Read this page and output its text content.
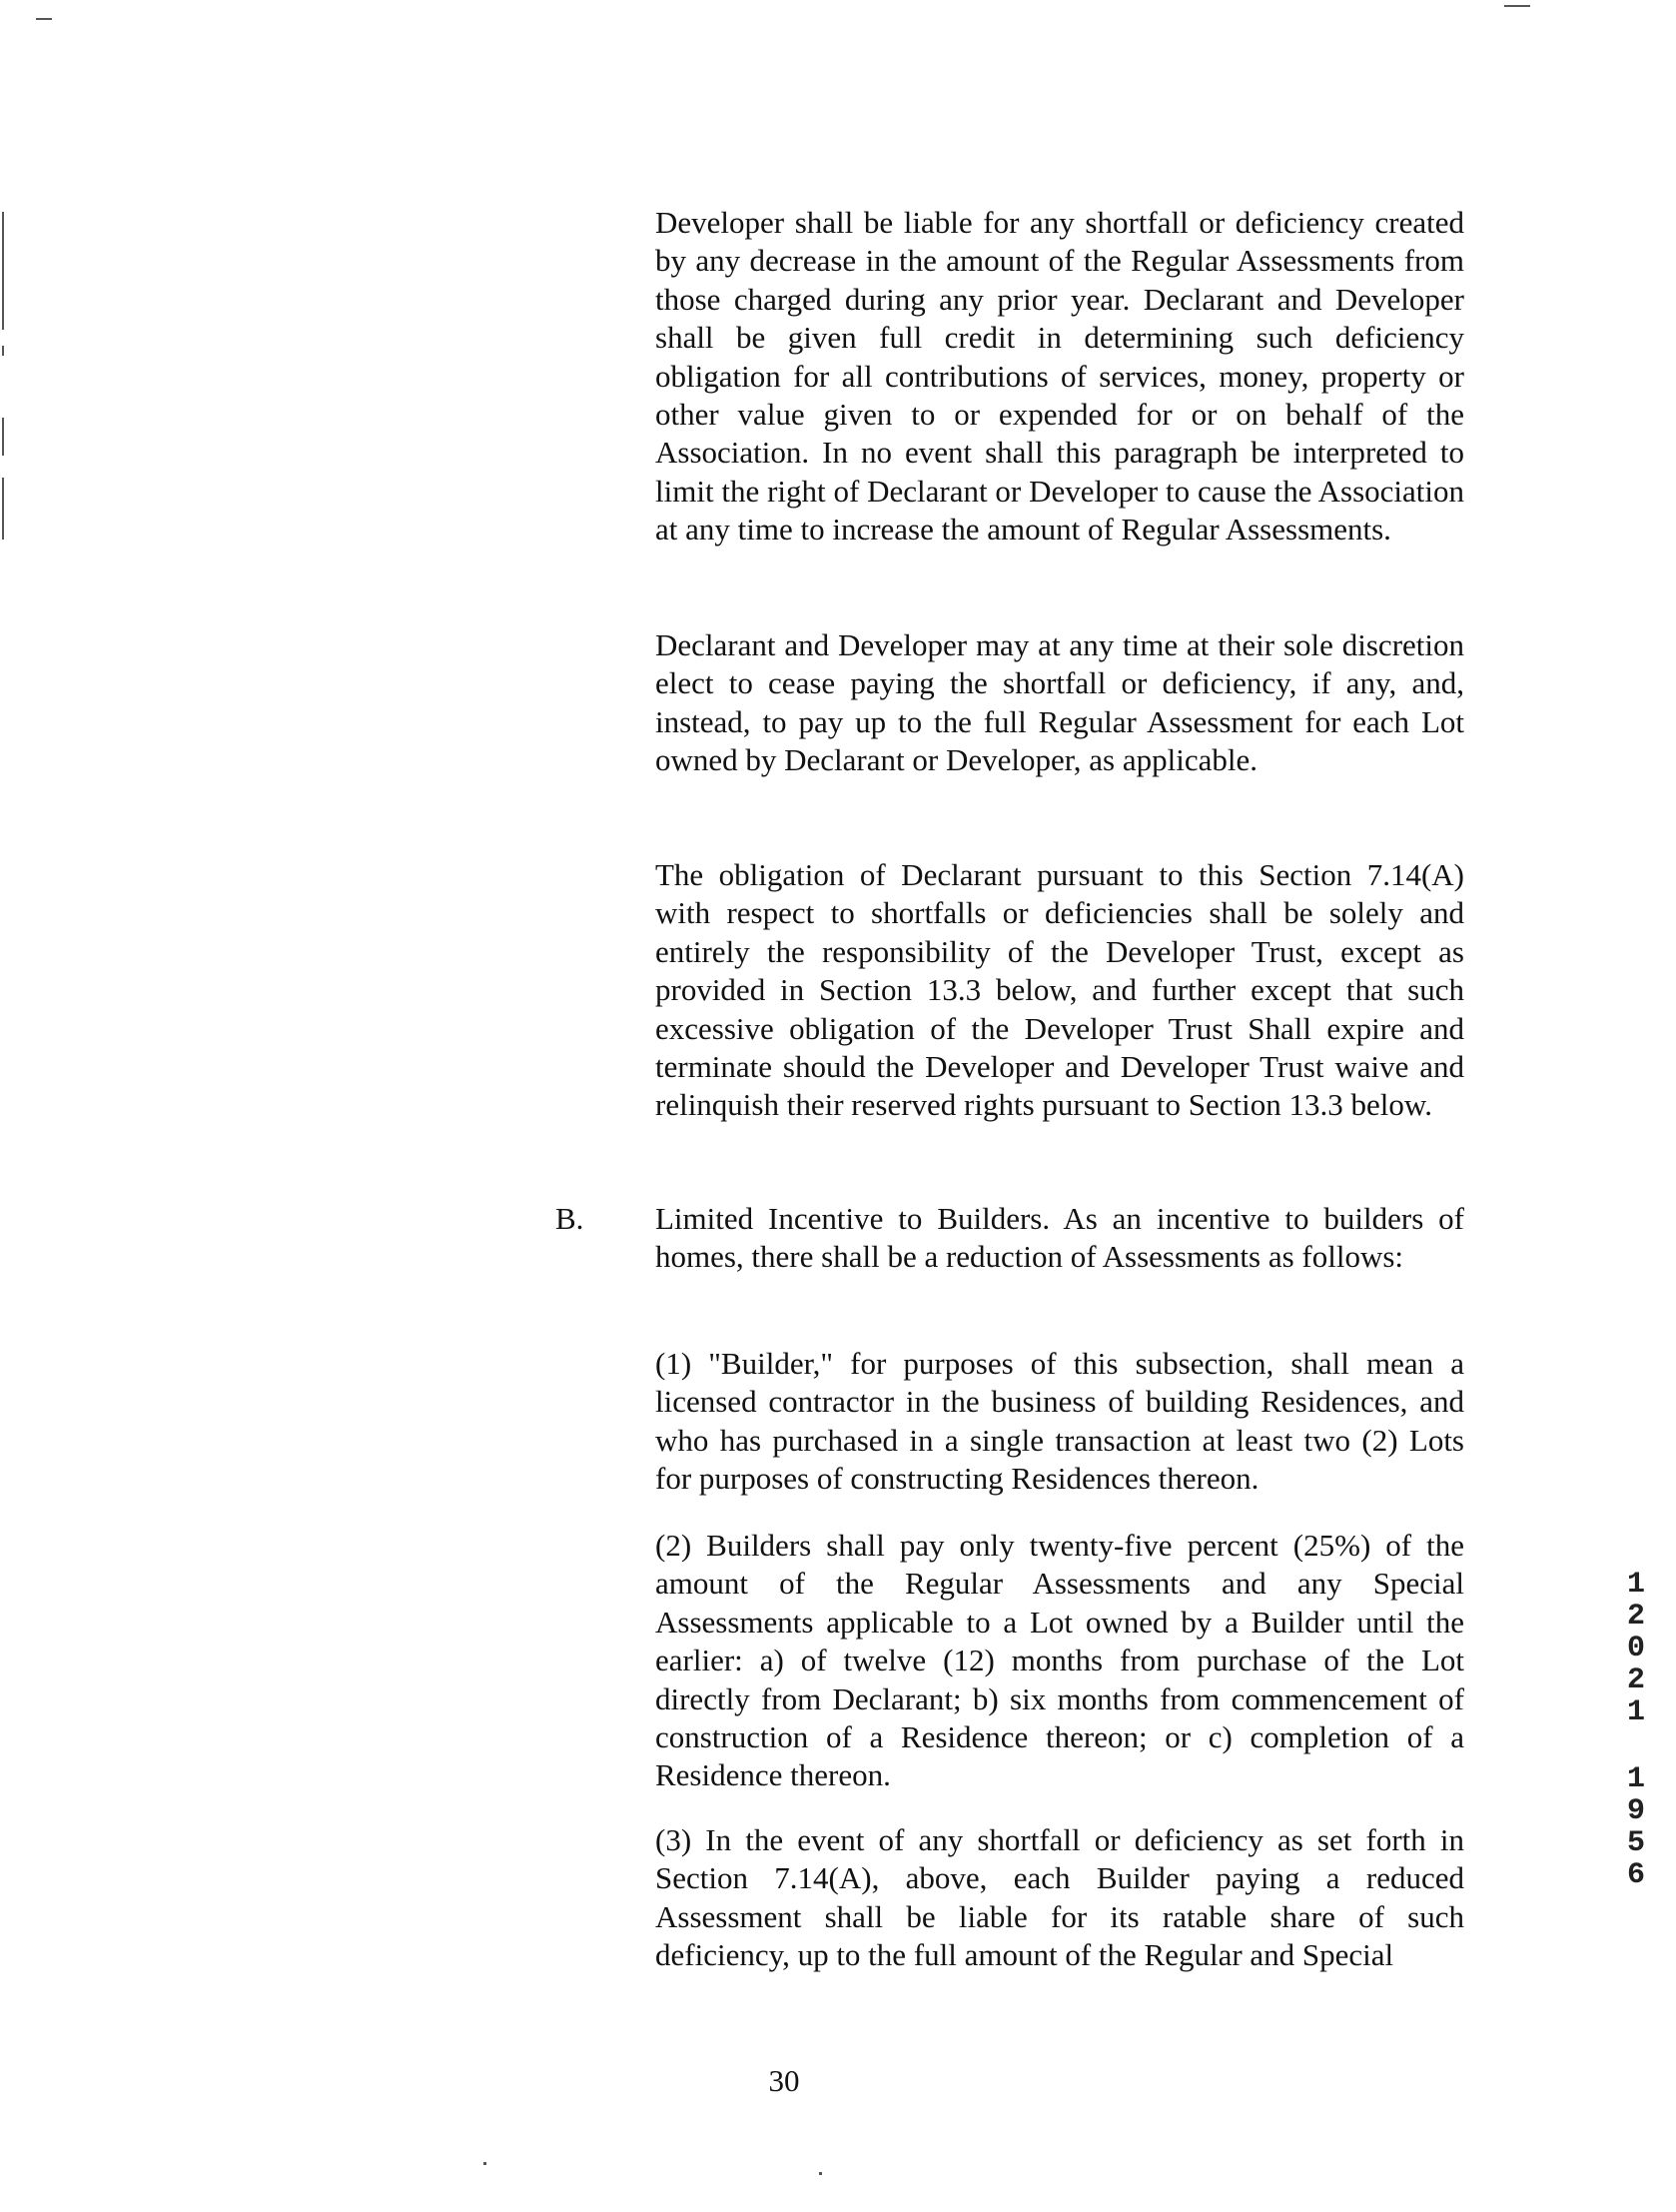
Developer shall be liable for any shortfall or deficiency created by any decrease in the amount of the Regular Assessments from those charged during any prior year. Declarant and Developer shall be given full credit in determining such deficiency obligation for all contributions of services, money, property or other value given to or expended for or on behalf of the Association. In no event shall this paragraph be interpreted to limit the right of Declarant or Developer to cause the Association at any time to increase the amount of Regular Assessments.

Declarant and Developer may at any time at their sole discretion elect to cease paying the shortfall or deficiency, if any, and, instead, to pay up to the full Regular Assessment for each Lot owned by Declarant or Developer, as applicable.

The obligation of Declarant pursuant to this Section 7.14(A) with respect to shortfalls or deficiencies shall be solely and entirely the responsibility of the Developer Trust, except as provided in Section 13.3 below, and further except that such excessive obligation of the Developer Trust Shall expire and terminate should the Developer and Developer Trust waive and relinquish their reserved rights pursuant to Section 13.3 below.

B. Limited Incentive to Builders. As an incentive to builders of homes, there shall be a reduction of Assessments as follows:

(1) "Builder," for purposes of this subsection, shall mean a licensed contractor in the business of building Residences, and who has purchased in a single transaction at least two (2) Lots for purposes of constructing Residences thereon.

(2) Builders shall pay only twenty-five percent (25%) of the amount of the Regular Assessments and any Special Assessments applicable to a Lot owned by a Builder until the earlier: a) of twelve (12) months from purchase of the Lot directly from Declarant; b) six months from commencement of construction of a Residence thereon; or c) completion of a Residence thereon.

(3) In the event of any shortfall or deficiency as set forth in Section 7.14(A), above, each Builder paying a reduced Assessment shall be liable for its ratable share of such deficiency, up to the full amount of the Regular and Special

30
1
2
0
2
1
1
9
5
6
